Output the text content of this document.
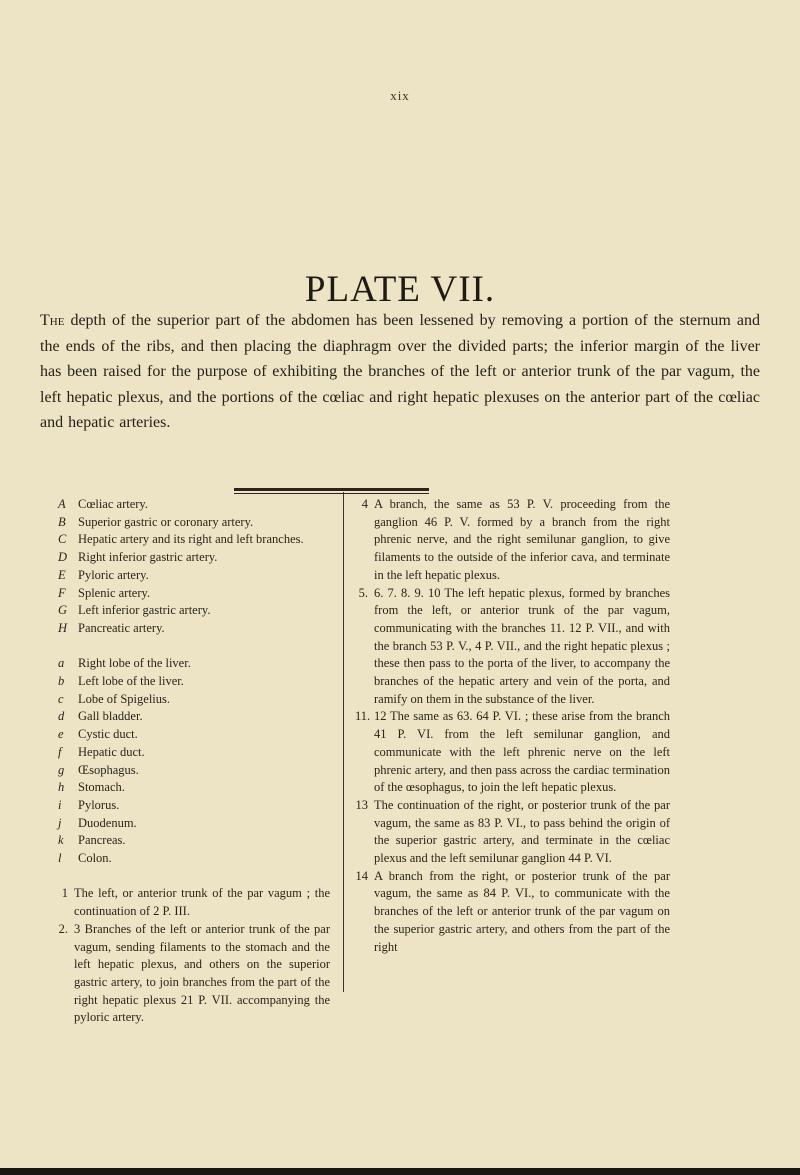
xix
PLATE VII.
The depth of the superior part of the abdomen has been lessened by removing a portion of the sternum and the ends of the ribs, and then placing the diaphragm over the divided parts; the inferior margin of the liver has been raised for the purpose of exhibiting the branches of the left or anterior trunk of the par vagum, the left hepatic plexus, and the portions of the cœliac and right hepatic plexuses on the anterior part of the cœliac and hepatic arteries.
A Cœliac artery.
B Superior gastric or coronary artery.
C Hepatic artery and its right and left branches.
D Right inferior gastric artery.
E Pyloric artery.
F Splenic artery.
G Left inferior gastric artery.
H Pancreatic artery.
a	Right lobe of the liver.
b	Left lobe of the liver.
c	Lobe of Spigelius.
d	Gall bladder.
e	Cystic duct.
f	Hepatic duct.
g	Œsophagus.
h	Stomach.
i	Pylorus.
j	Duodenum.
k	Pancreas.
l	Colon.
1 The left, or anterior trunk of the par vagum ; the continuation of 2 P. III.
2. 3 Branches of the left or anterior trunk of the par vagum, sending filaments to the stomach and the left hepatic plexus, and others on the superior gastric artery, to join branches from the part of the right hepatic plexus 21 P. VII. accompanying the pyloric artery.
4 A branch, the same as 53 P. V. proceeding from the ganglion 46 P. V. formed by a branch from the right phrenic nerve, and the right semilunar ganglion, to give filaments to the outside of the inferior cava, and terminate in the left hepatic plexus.
5. 6. 7. 8. 9. 10 The left hepatic plexus, formed by branches from the left, or anterior trunk of the par vagum, communicating with the branches 11. 12 P. VII., and with the branch 53 P. V., 4 P. VII., and the right hepatic plexus ; these then pass to the porta of the liver, to accompany the branches of the hepatic artery and vein of the porta, and ramify on them in the substance of the liver.
11. 12 The same as 63. 64 P. VI. ; these arise from the branch 41 P. VI. from the left semilunar ganglion, and communicate with the left phrenic nerve on the left phrenic artery, and then pass across the cardiac termination of the œsophagus, to join the left hepatic plexus.
13 The continuation of the right, or posterior trunk of the par vagum, the same as 83 P. VI., to pass behind the origin of the superior gastric artery, and terminate in the cœliac plexus and the left semilunar ganglion 44 P. VI.
14 A branch from the right, or posterior trunk of the par vagum, the same as 84 P. VI., to communicate with the branches of the left or anterior trunk of the par vagum on the superior gastric artery, and others from the part of the right
